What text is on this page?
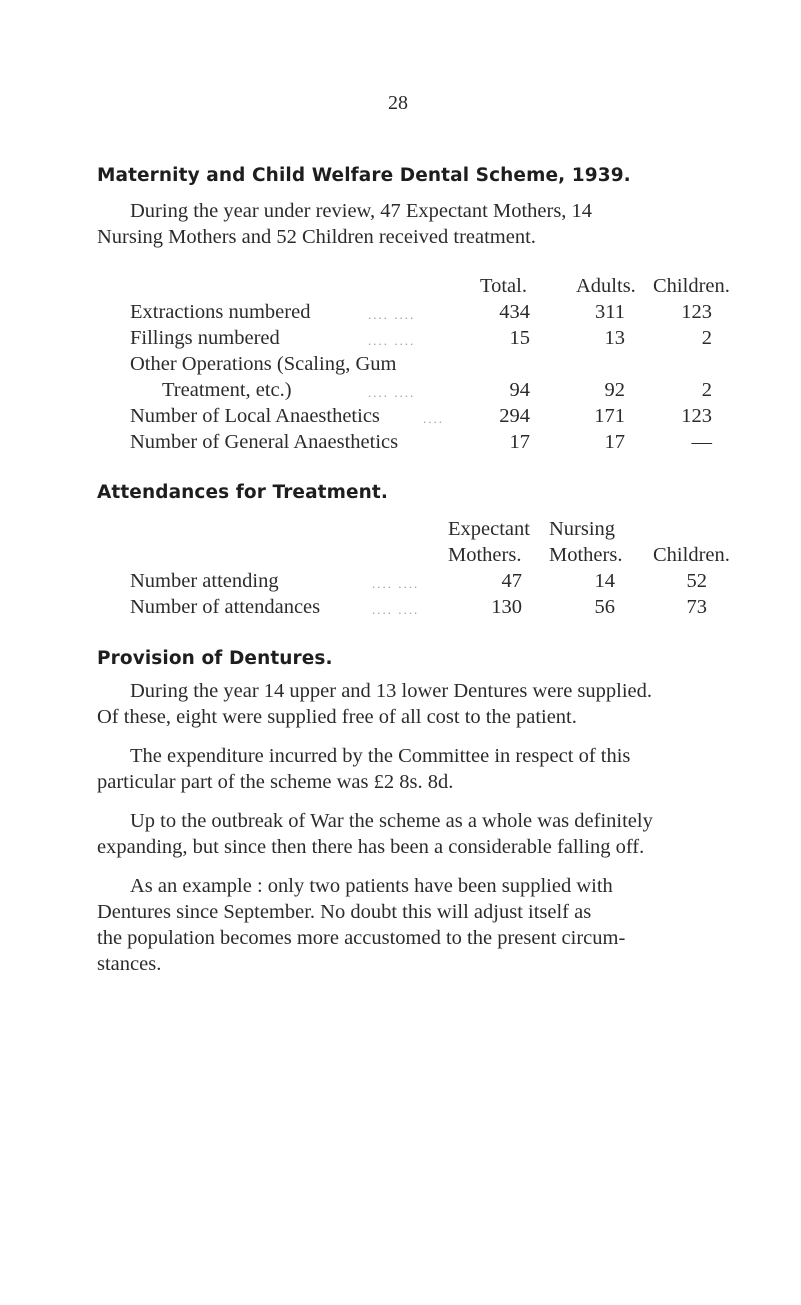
28
Maternity and Child Welfare Dental Scheme, 1939.
During the year under review, 47 Expectant Mothers, 14
Nursing Mothers and 52 Children received treatment.
Total. Adults. Children.
Extractions numbered	.... ....	434	311	123
Fillings numbered	.... ....	15	13	2
Other Operations (Scaling, Gum
Treatment, etc.)	.... ....	94	92	2
Number of Local Anaesthetics	....	294	171	123
Number of General Anaesthetics	17	17	—
Attendances for Treatment.
Expectant Nursing
Mothers. Mothers. Children.
Number attending	.... ....	47	14	52
Number of attendances	.... ....	130	56	73
Provision of Dentures.
During the year 14 upper and 13 lower Dentures were supplied.
Of these, eight were supplied free of all cost to the patient.
The expenditure incurred by the Committee in respect of this
particular part of the scheme was £2 8s. 8d.
Up to the outbreak of War the scheme as a whole was definitely
expanding, but since then there has been a considerable falling off.
As an example : only two patients have been supplied with
Dentures since September. No doubt this will adjust itself as
the population becomes more accustomed to the present circum-
stances.
